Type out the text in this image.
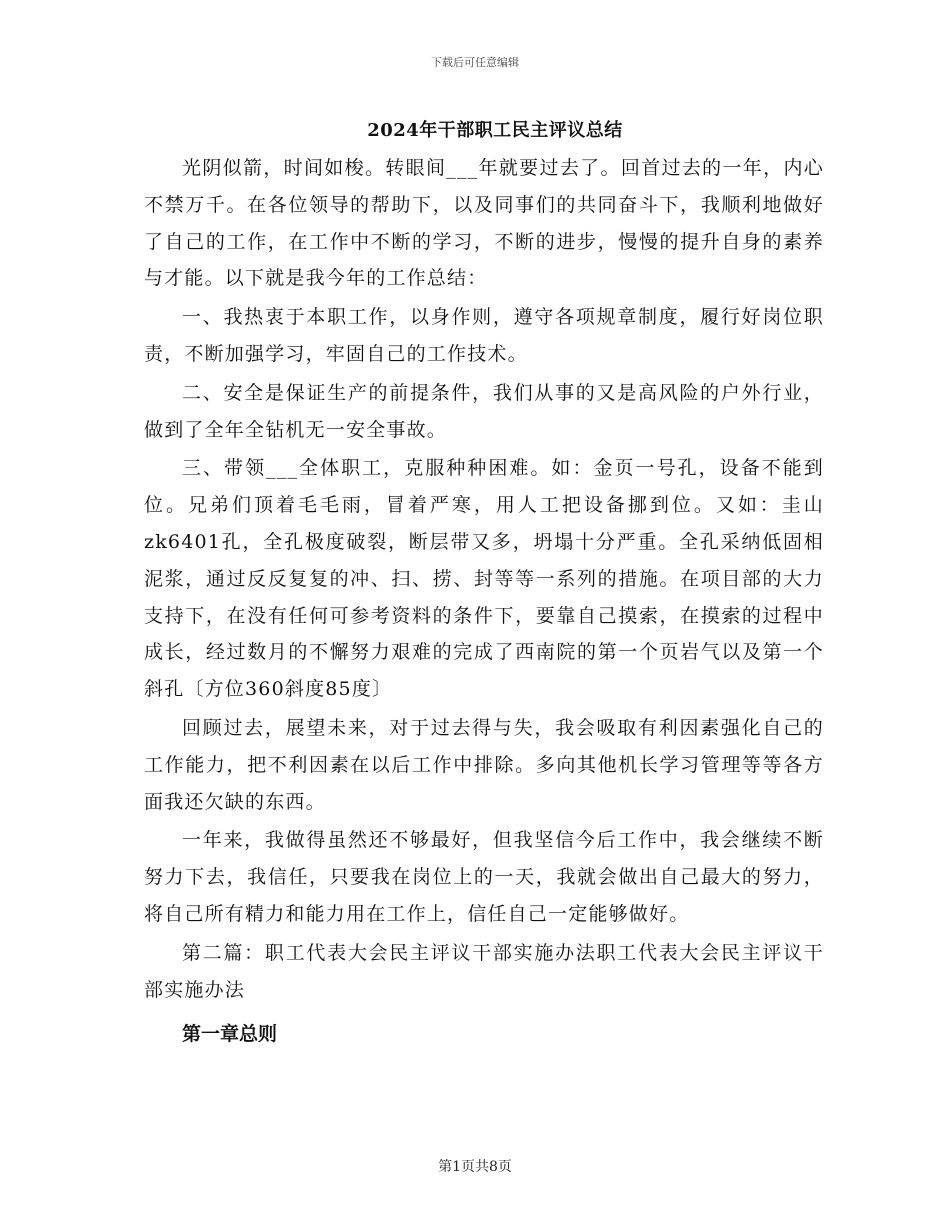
下载后可任意编辑
2024年干部职工民主评议总结

光阴似箭，时间如梭。转眼间___年就要过去了。回首过去的一年，内心不禁万千。在各位领导的帮助下，以及同事们的共同奋斗下，我顺利地做好了自己的工作，在工作中不断的学习，不断的进步，慢慢的提升自身的素养与才能。以下就是我今年的工作总结：

一、我热衷于本职工作，以身作则，遵守各项规章制度，履行好岗位职责，不断加强学习，牢固自己的工作技术。

二、安全是保证生产的前提条件，我们从事的又是高风险的户外行业，做到了全年全钻机无一安全事故。

三、带领___全体职工，克服种种困难。如：金页一号孔，设备不能到位。兄弟们顶着毛毛雨，冒着严寒，用人工把设备挪到位。又如：圭山zk6401孔，全孔极度破裂，断层带又多，坍塌十分严重。全孔采纳低固相泥浆，通过反反复复的冲、扫、捞、封等等一系列的措施。在项目部的大力支持下，在没有任何可参考资料的条件下，要靠自己摸索，在摸索的过程中成长，经过数月的不懈努力艰难的完成了西南院的第一个页岩气以及第一个斜孔〔方位360斜度85度〕

回顾过去，展望未来，对于过去得与失，我会吸取有利因素强化自己的工作能力，把不利因素在以后工作中排除。多向其他机长学习管理等等各方面我还欠缺的东西。

一年来，我做得虽然还不够最好，但我坚信今后工作中，我会继续不断努力下去，我信任，只要我在岗位上的一天，我就会做出自己最大的努力，将自己所有精力和能力用在工作上，信任自己一定能够做好。

第二篇：职工代表大会民主评议干部实施办法职工代表大会民主评议干部实施办法

第一章总则
第1页共8页
